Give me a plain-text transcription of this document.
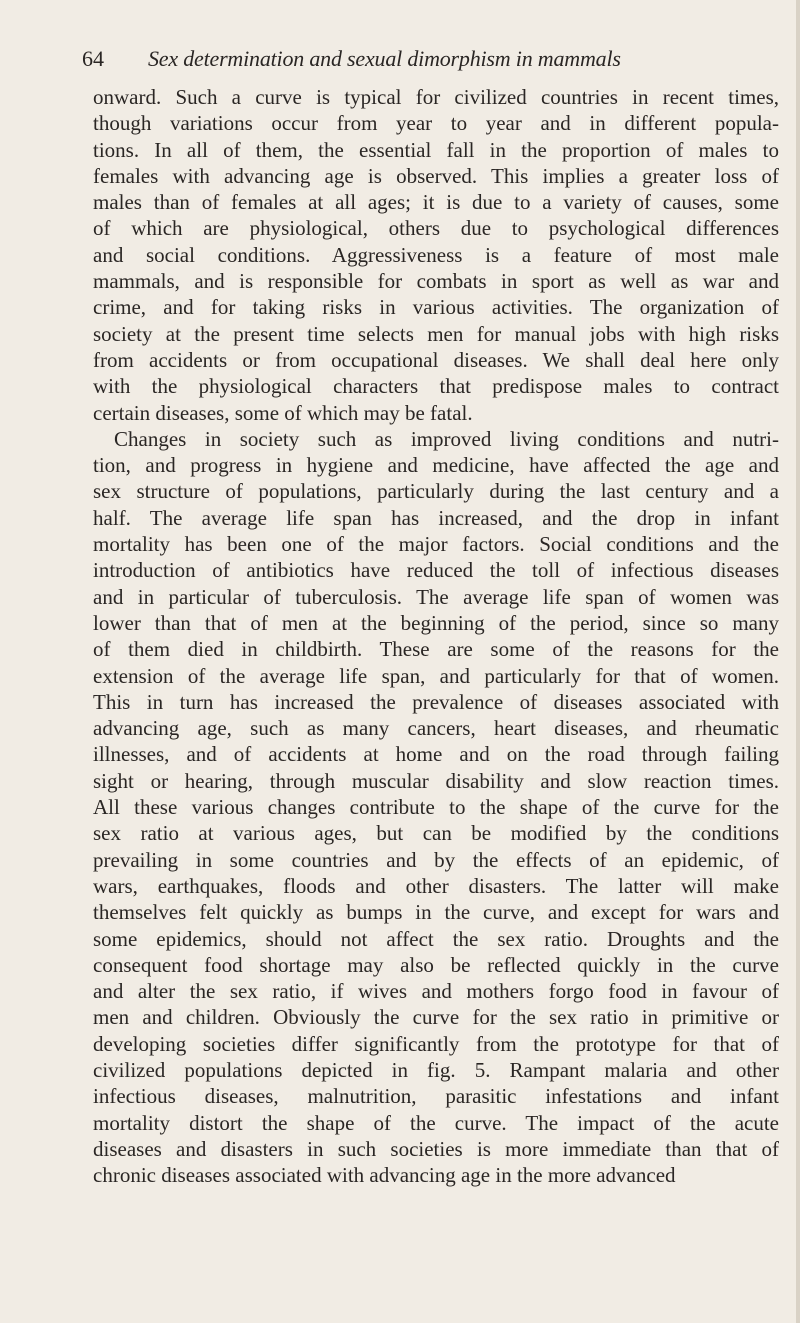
64 Sex determination and sexual dimorphism in mammals
onward. Such a curve is typical for civilized countries in recent times,
though variations occur from year to year and in different popula-
tions. In all of them, the essential fall in the proportion of males to
females with advancing age is observed. This implies a greater loss of
males than of females at all ages; it is due to a variety of causes, some
of which are physiological, others due to psychological differences
and social conditions. Aggressiveness is a feature of most male
mammals, and is responsible for combats in sport as well as war and
crime, and for taking risks in various activities. The organization of
society at the present time selects men for manual jobs with high risks
from accidents or from occupational diseases. We shall deal here only
with the physiological characters that predispose males to contract
certain diseases, some of which may be fatal.
Changes in society such as improved living conditions and nutri-
tion, and progress in hygiene and medicine, have affected the age and
sex structure of populations, particularly during the last century and a
half. The average life span has increased, and the drop in infant
mortality has been one of the major factors. Social conditions and the
introduction of antibiotics have reduced the toll of infectious diseases
and in particular of tuberculosis. The average life span of women was
lower than that of men at the beginning of the period, since so many
of them died in childbirth. These are some of the reasons for the
extension of the average life span, and particularly for that of women.
This in turn has increased the prevalence of diseases associated with
advancing age, such as many cancers, heart diseases, and rheumatic
illnesses, and of accidents at home and on the road through failing
sight or hearing, through muscular disability and slow reaction times.
All these various changes contribute to the shape of the curve for the
sex ratio at various ages, but can be modified by the conditions
prevailing in some countries and by the effects of an epidemic, of
wars, earthquakes, floods and other disasters. The latter will make
themselves felt quickly as bumps in the curve, and except for wars and
some epidemics, should not affect the sex ratio. Droughts and the
consequent food shortage may also be reflected quickly in the curve
and alter the sex ratio, if wives and mothers forgo food in favour of
men and children. Obviously the curve for the sex ratio in primitive or
developing societies differ significantly from the prototype for that of
civilized populations depicted in fig. 5. Rampant malaria and other
infectious diseases, malnutrition, parasitic infestations and infant
mortality distort the shape of the curve. The impact of the acute
diseases and disasters in such societies is more immediate than that of
chronic diseases associated with advancing age in the more advanced
